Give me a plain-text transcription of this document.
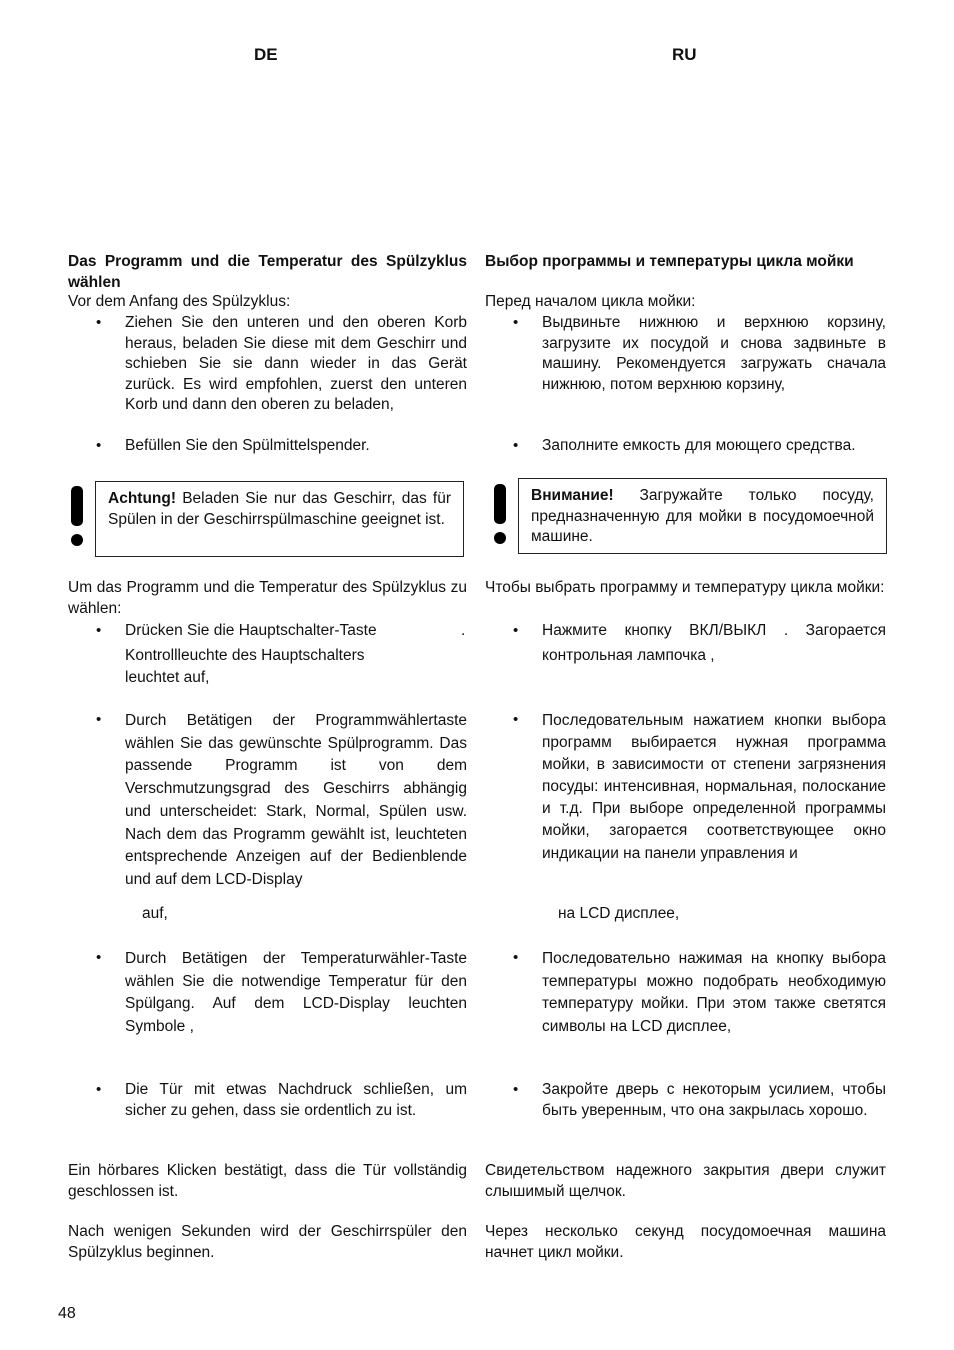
DE	RU
Das Programm und die Temperatur des Spülzyklus wählen
Vor dem Anfang des Spülzyklus:
• Ziehen Sie den unteren und den oberen Korb heraus, beladen Sie diese mit dem Geschirr und schieben Sie sie dann wieder in das Gerät zurück. Es wird empfohlen, zuerst den unteren Korb und dann den oberen zu beladen,
• Befüllen Sie den Spülmittelspender.
Achtung! Beladen Sie nur das Geschirr, das für Spülen in der Geschirrspülmaschine geeignet ist.
Um das Programm und die Temperatur des Spülzyklus zu wählen:
• Drücken Sie die Hauptschalter-Taste	.
Kontrollleuchte des Hauptschalters
leuchtet auf,
• Durch Betätigen der Programmwählertaste wählen Sie das gewünschte Spülprogramm. Das passende Programm ist von dem Verschmutzungsgrad des Geschirrs abhängig und unterscheidet: Stark, Normal, Spülen usw. Nach dem das Programm gewählt ist, leuchteten entsprechende Anzeigen auf der Bedienblende und auf dem LCD-Display
auf,
• Durch Betätigen der Temperaturwähler-Taste wählen Sie die notwendige Temperatur für den Spülgang. Auf dem LCD-Display leuchten Symbole ,
• Die Tür mit etwas Nachdruck schließen, um sicher zu gehen, dass sie ordentlich zu ist.
Ein hörbares Klicken bestätigt, dass die Tür vollständig geschlossen ist.
Nach wenigen Sekunden wird der Geschirrspüler den Spülzyklus beginnen.
Выбор программы и температуры цикла мойки
Перед началом цикла мойки:
• Выдвиньте нижнюю и верхнюю корзину, загрузите их посудой и снова задвиньте в машину. Рекомендуется загружать сначала нижнюю, потом верхнюю корзину,
• Заполните емкость для моющего средства.
Внимание! Загружайте только посуду, предназначенную для мойки в посудомоечной машине.
Чтобы выбрать программу и температуру цикла мойки:
• Нажмите кнопку ВКЛ/ВЫКЛ . Загорается
контрольная лампочка ,
• Последовательным нажатием кнопки выбора программ выбирается нужная программа мойки, в зависимости от степени загрязнения посуды: интенсивная, нормальная, полоскание и т.д. При выборе определенной программы мойки, загорается соответствующее окно индикации на панели управления и
на LCD дисплее,
• Последовательно нажимая на кнопку выбора температуры можно подобрать необходимую температуру мойки. При этом также светятся символы на LCD дисплее,
• Закройте дверь с некоторым усилием, чтобы быть уверенным, что она закрылась хорошо.
Свидетельством надежного закрытия двери служит слышимый щелчок.
Через несколько секунд посудомоечная машина начнет цикл мойки.
48
